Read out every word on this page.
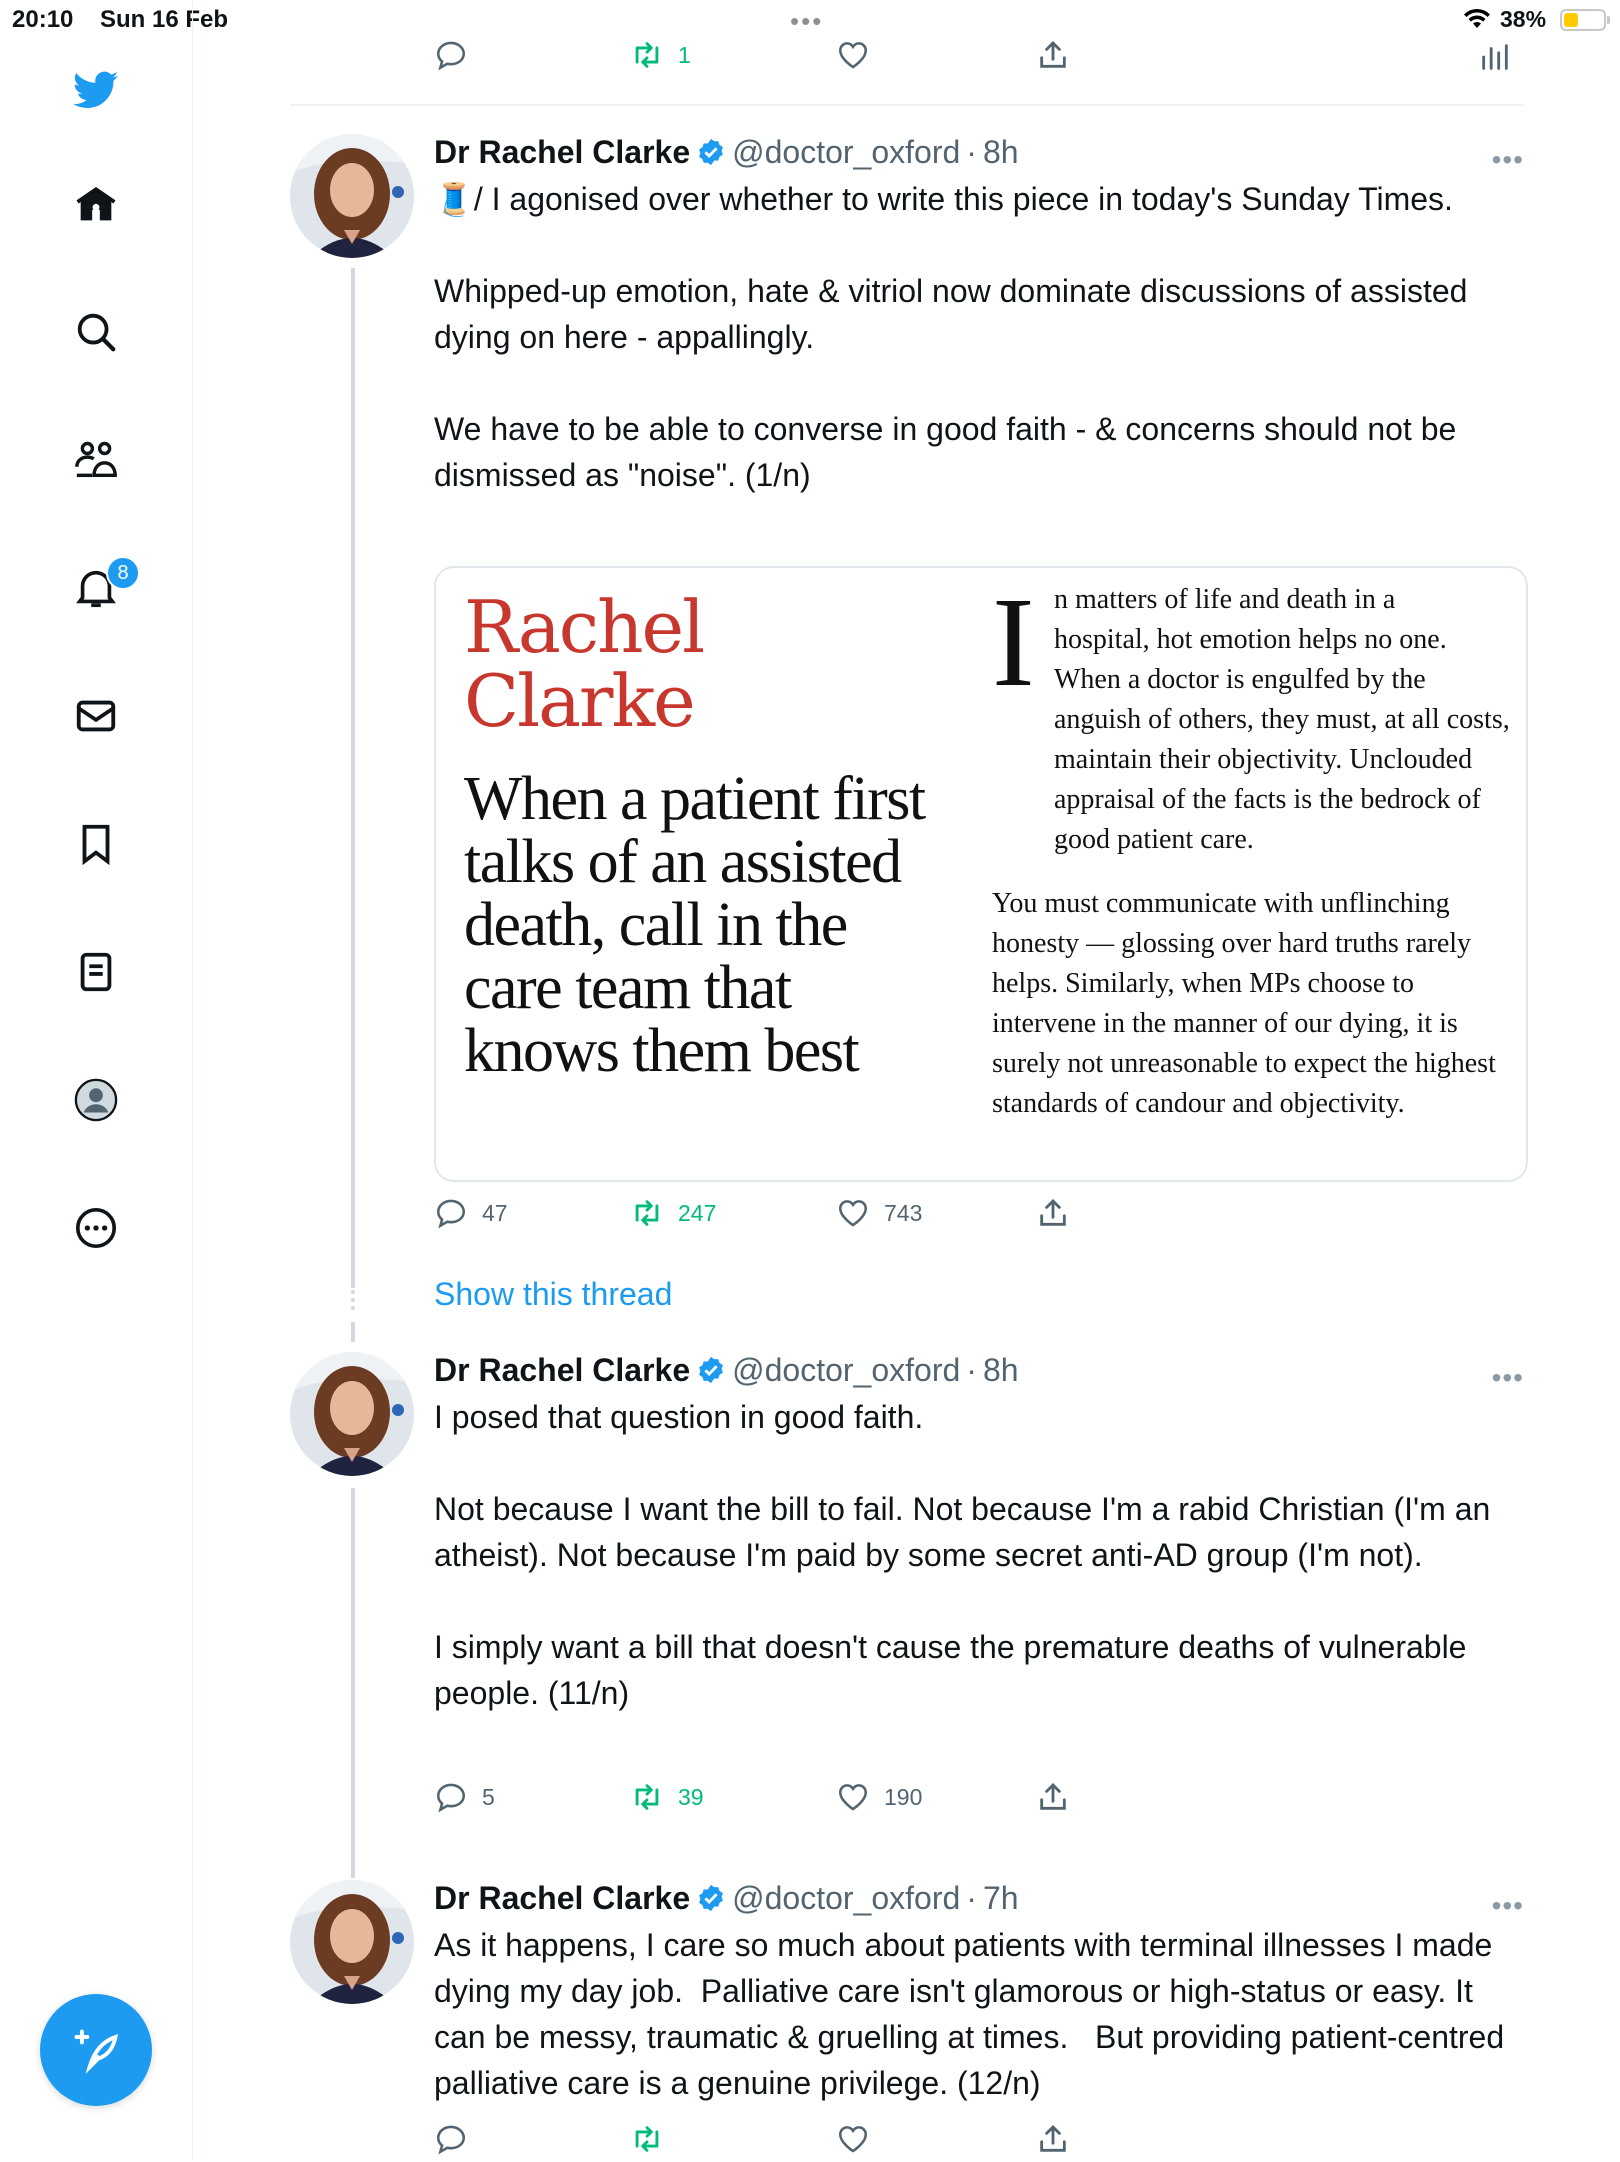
20:10 Sun 16 Feb	•••	38%
8
1
Dr Rachel Clarke @doctor_oxford · 8h	•••
🧵/ I agonised over whether to write this piece in today's Sunday Times.

Whipped-up emotion, hate & vitriol now dominate discussions of assisted dying on here - appallingly.

We have to be able to converse in good faith - & concerns should not be dismissed as "noise". (1/n)
Rachel
Clarke
When a patient first talks of an assisted death, call in the care team that knows them best
I n matters of life and death in a
hospital, hot emotion helps no one. When a doctor is engulfed by the anguish of others, they must, at all costs, maintain their objectivity. Unclouded appraisal of the facts is the bedrock of good patient care.
You must communicate with unflinching honesty — glossing over hard truths rarely helps. Similarly, when MPs choose to intervene in the manner of our dying, it is surely not unreasonable to expect the highest standards of candour and objectivity.
47	247	743
Show this thread
Dr Rachel Clarke @doctor_oxford · 8h	•••
I posed that question in good faith.

Not because I want the bill to fail. Not because I'm a rabid Christian (I'm an atheist). Not because I'm paid by some secret anti-AD group (I'm not).

I simply want a bill that doesn't cause the premature deaths of vulnerable people. (11/n)
5	39	190
Dr Rachel Clarke @doctor_oxford · 7h	•••
As it happens, I care so much about patients with terminal illnesses I made dying my day job.  Palliative care isn't glamorous or high-status or easy. It can be messy, traumatic & gruelling at times.   But providing patient-centred palliative care is a genuine privilege. (12/n)
